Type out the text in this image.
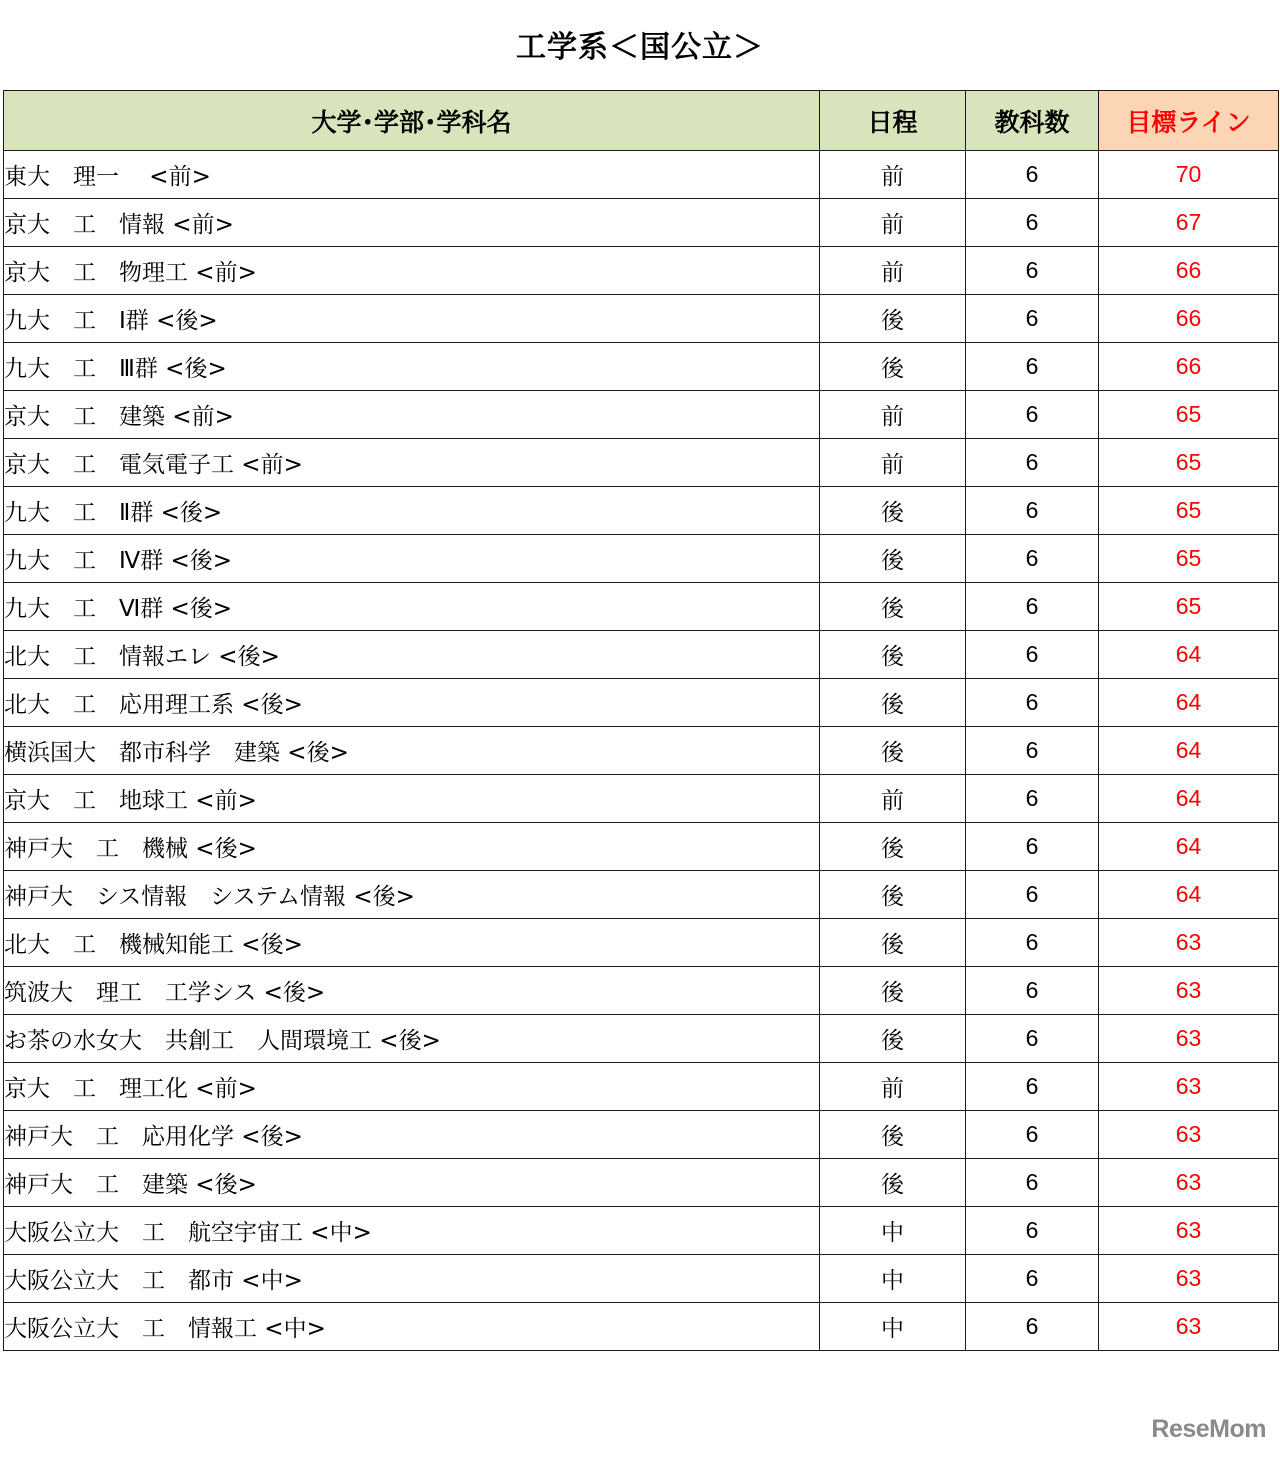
工学系＜国公立＞
大学･学部･学科名	日程	教科数	目標ライン
東大　理一　 <前>	前	6	70
京大　工　情報 <前>	前	6	67
京大　工　物理工 <前>	前	6	66
九大　工　Ⅰ群 <後>	後	6	66
九大　工　Ⅲ群 <後>	後	6	66
京大　工　建築 <前>	前	6	65
京大　工　電気電子工 <前>	前	6	65
九大　工　Ⅱ群 <後>	後	6	65
九大　工　Ⅳ群 <後>	後	6	65
九大　工　Ⅵ群 <後>	後	6	65
北大　工　情報エレ <後>	後	6	64
北大　工　応用理工系 <後>	後	6	64
横浜国大　都市科学　建築 <後>	後	6	64
京大　工　地球工 <前>	前	6	64
神戸大　工　機械 <後>	後	6	64
神戸大　シス情報　システム情報 <後>	後	6	64
北大　工　機械知能工 <後>	後	6	63
筑波大　理工　工学シス <後>	後	6	63
お茶の水女大　共創工　人間環境工 <後>	後	6	63
京大　工　理工化 <前>	前	6	63
神戸大　工　応用化学 <後>	後	6	63
神戸大　工　建築 <後>	後	6	63
大阪公立大　工　航空宇宙工 <中>	中	6	63
大阪公立大　工　都市 <中>	中	6	63
大阪公立大　工　情報工 <中>	中	6	63
ReseMom
